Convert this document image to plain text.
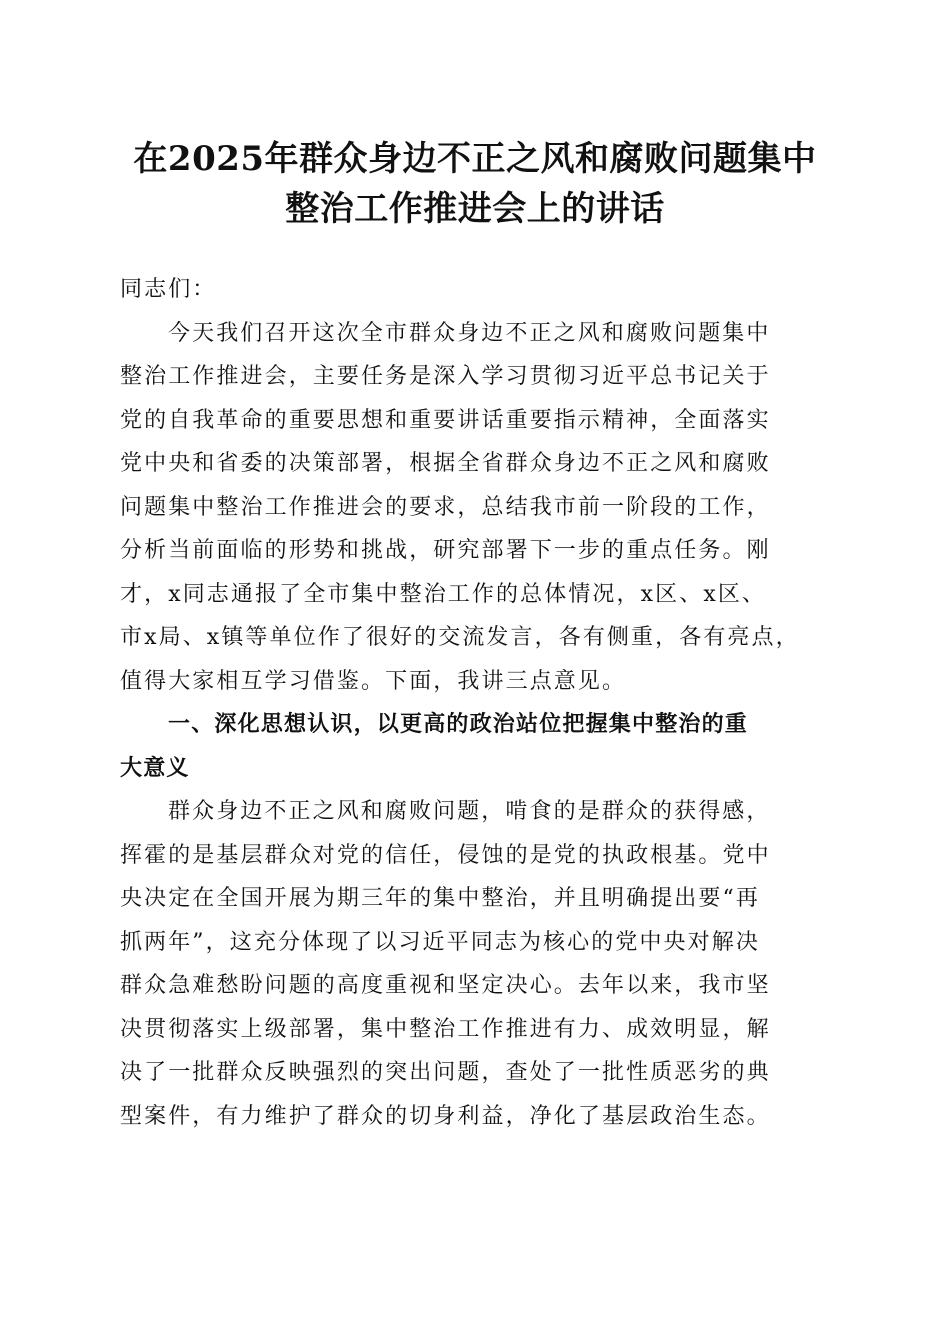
在2025年群众身边不正之风和腐败问题集中
整治工作推进会上的讲话
同志们：
今天我们召开这次全市群众身边不正之风和腐败问题集中
整治工作推进会，主要任务是深入学习贯彻习近平总书记关于
党的自我革命的重要思想和重要讲话重要指示精神，全面落实
党中央和省委的决策部署，根据全省群众身边不正之风和腐败
问题集中整治工作推进会的要求，总结我市前一阶段的工作，
分析当前面临的形势和挑战，研究部署下一步的重点任务。刚
才，x同志通报了全市集中整治工作的总体情况，x区、x区、
市x局、x镇等单位作了很好的交流发言，各有侧重，各有亮点，
值得大家相互学习借鉴。下面，我讲三点意见。
一、深化思想认识，以更高的政治站位把握集中整治的重
大意义
群众身边不正之风和腐败问题，啃食的是群众的获得感，
挥霍的是基层群众对党的信任，侵蚀的是党的执政根基。党中
央决定在全国开展为期三年的集中整治，并且明确提出要“再
抓两年”，这充分体现了以习近平同志为核心的党中央对解决
群众急难愁盼问题的高度重视和坚定决心。去年以来，我市坚
决贯彻落实上级部署，集中整治工作推进有力、成效明显，解
决了一批群众反映强烈的突出问题，查处了一批性质恶劣的典
型案件，有力维护了群众的切身利益，净化了基层政治生态。
